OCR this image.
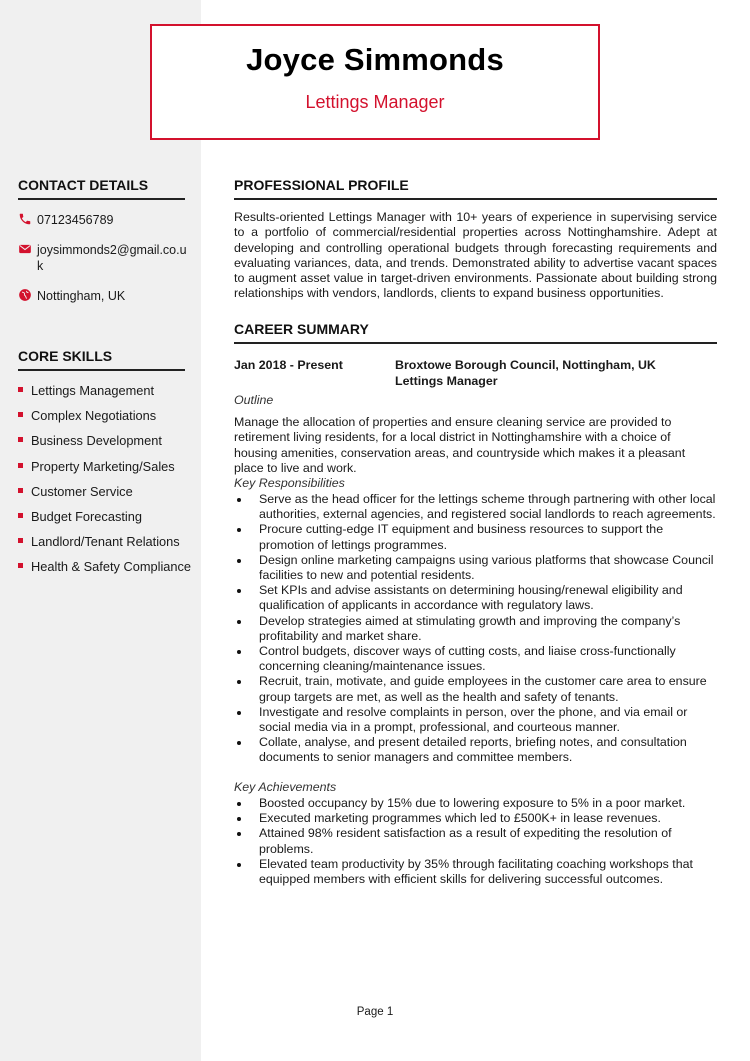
Joyce Simmonds
Lettings Manager
CONTACT DETAILS
07123456789
joysimmonds2@gmail.co.uk
Nottingham, UK
CORE SKILLS
Lettings Management
Complex Negotiations
Business Development
Property Marketing/Sales
Customer Service
Budget Forecasting
Landlord/Tenant Relations
Health & Safety Compliance
PROFESSIONAL PROFILE
Results-oriented Lettings Manager with 10+ years of experience in supervising service to a portfolio of commercial/residential properties across Nottinghamshire. Adept at developing and controlling operational budgets through forecasting requirements and evaluating variances, data, and trends. Demonstrated ability to advertise vacant spaces to augment asset value in target-driven environments. Passionate about building strong relationships with vendors, landlords, clients to expand business opportunities.
CAREER SUMMARY
Jan 2018 - Present	Broxtowe Borough Council, Nottingham, UK
Lettings Manager
Outline
Manage the allocation of properties and ensure cleaning service are provided to retirement living residents, for a local district in Nottinghamshire with a choice of housing amenities, conservation areas, and countryside which makes it a pleasant place to live and work.
Key Responsibilities
Serve as the head officer for the lettings scheme through partnering with other local authorities, external agencies, and registered social landlords to reach agreements.
Procure cutting-edge IT equipment and business resources to support the promotion of lettings programmes.
Design online marketing campaigns using various platforms that showcase Council facilities to new and potential residents.
Set KPIs and advise assistants on determining housing/renewal eligibility and qualification of applicants in accordance with regulatory laws.
Develop strategies aimed at stimulating growth and improving the company’s profitability and market share.
Control budgets, discover ways of cutting costs, and liaise cross-functionally concerning cleaning/maintenance issues.
Recruit, train, motivate, and guide employees in the customer care area to ensure group targets are met, as well as the health and safety of tenants.
Investigate and resolve complaints in person, over the phone, and via email or social media via in a prompt, professional, and courteous manner.
Collate, analyse, and present detailed reports, briefing notes, and consultation documents to senior managers and committee members.
Key Achievements
Boosted occupancy by 15% due to lowering exposure to 5% in a poor market.
Executed marketing programmes which led to £500K+ in lease revenues.
Attained 98% resident satisfaction as a result of expediting the resolution of problems.
Elevated team productivity by 35% through facilitating coaching workshops that equipped members with efficient skills for delivering successful outcomes.
Page 1
